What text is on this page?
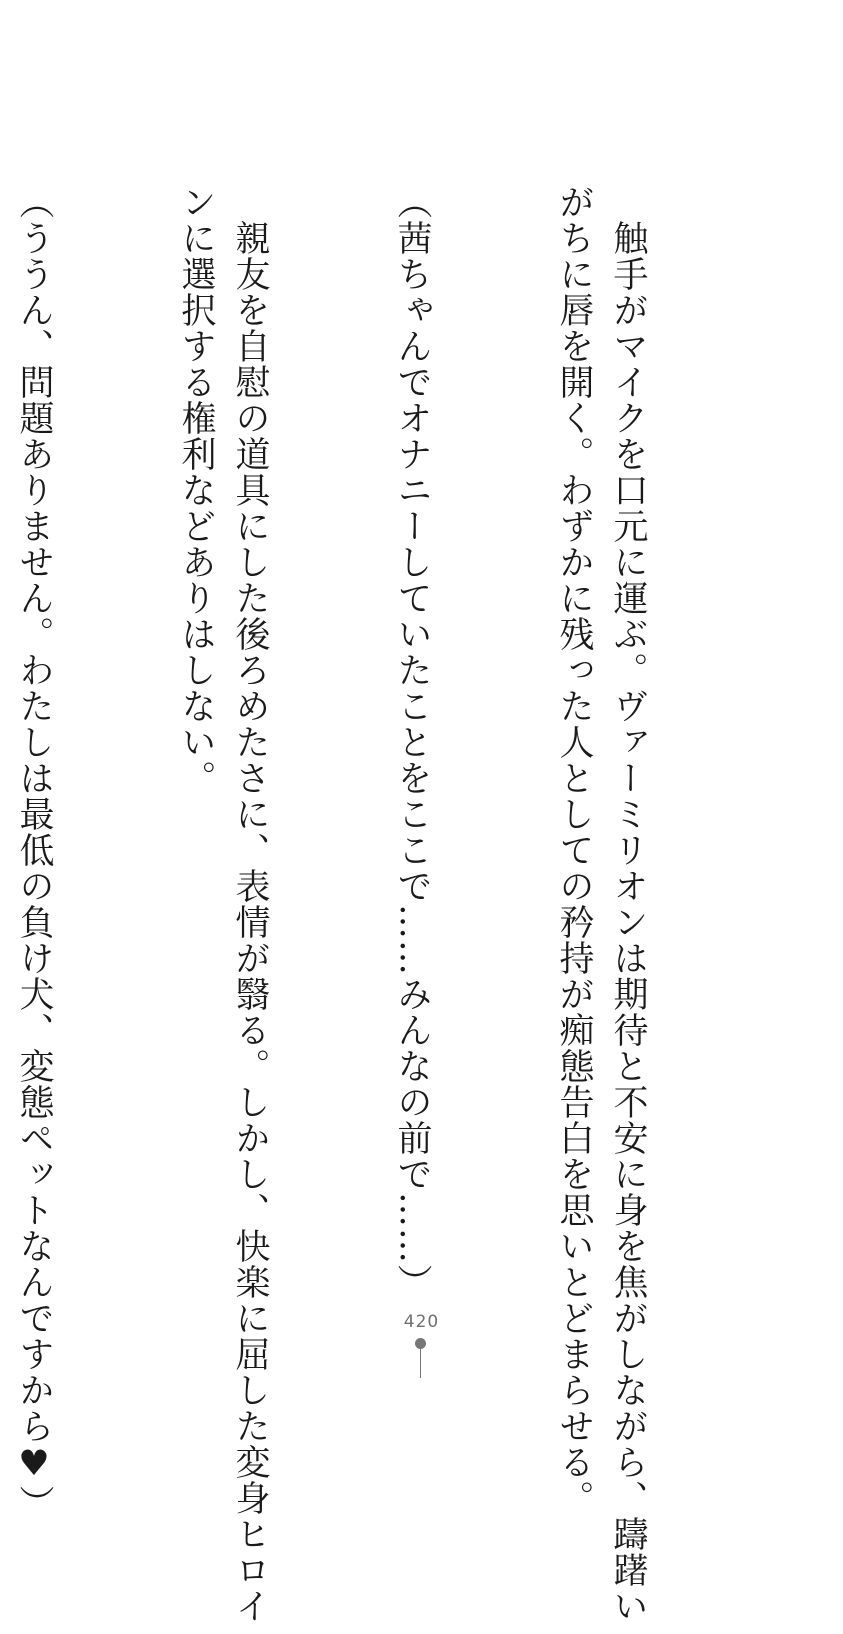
　触手がマイクを口元に運ぶ。ヴァーミリオンは期待と不安に身を焦がしながら、躊躇い
がちに唇を開く。わずかに残った人としての矜持が痴態告白を思いとどまらせる。

（茜ちゃんでオナニーしていたことをここで……みんなの前で……）

　親友を自慰の道具にした後ろめたさに、表情が翳る。しかし、快楽に屈した変身ヒロイ
ンに選択する権利などありはしない。

（ううん、問題ありません。わたしは最低の負け犬、変態ペットなんですから♥）

	420
